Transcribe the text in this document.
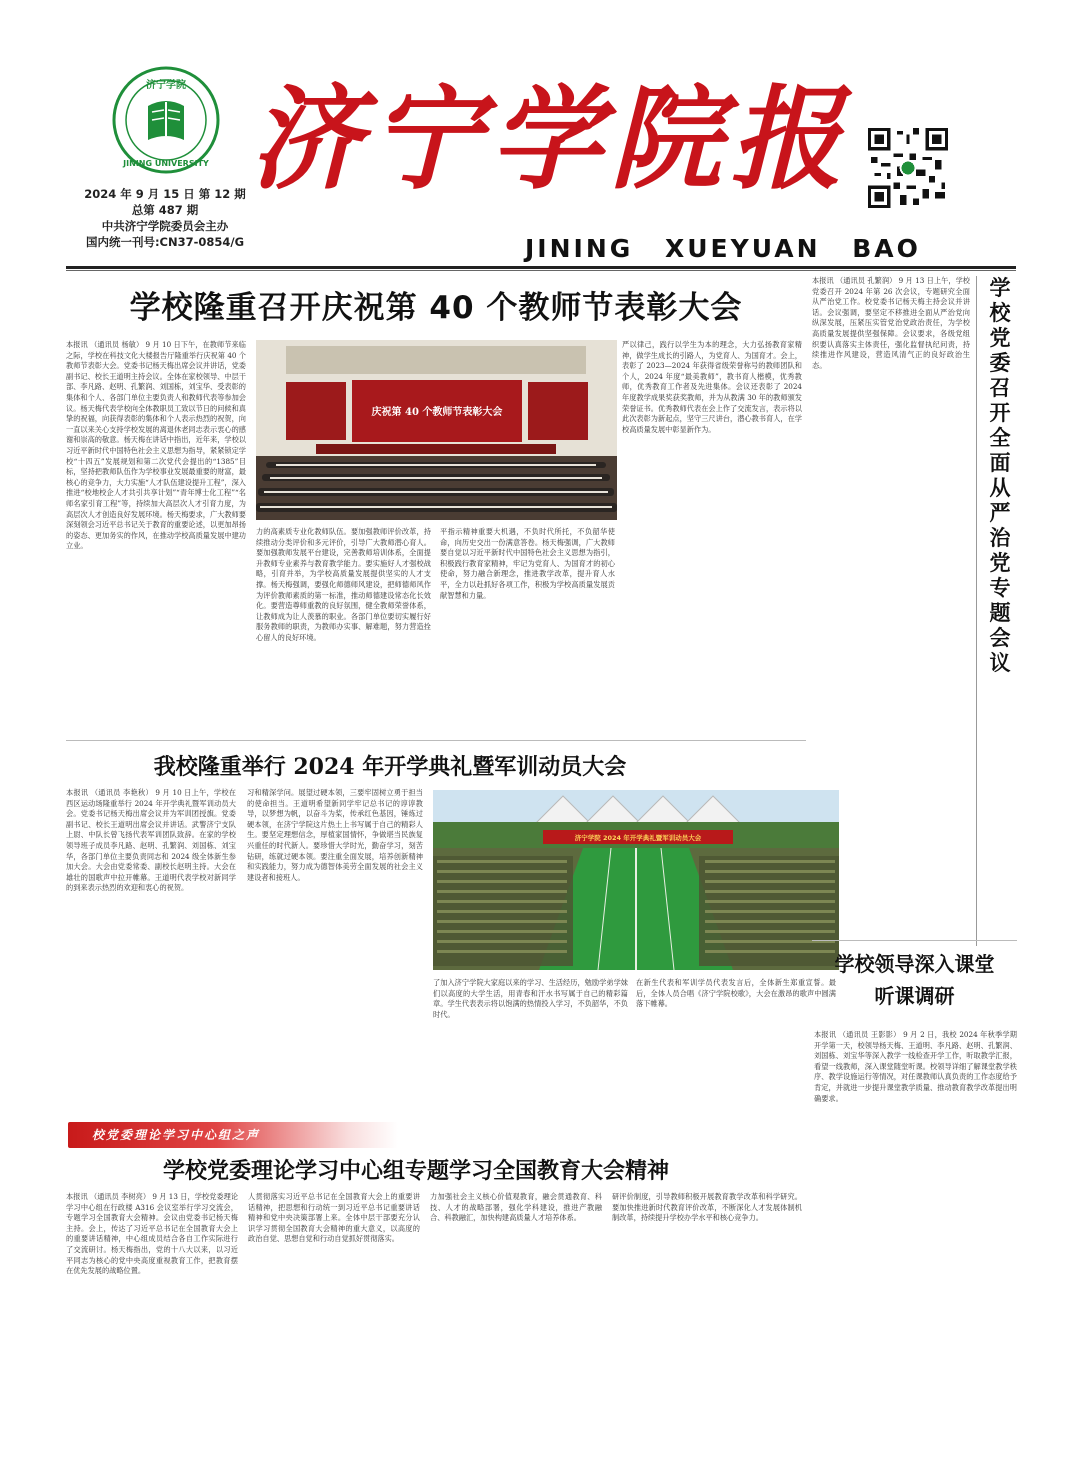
JINING UNIVERSITY
济宁学院
2024 年 9 月 15 日 第 12 期
总第 487 期
中共济宁学院委员会主办
国内统一刊号:CN37-0854/G
济宁学院报
JINING XUEYUAN BAO
学校隆重召开庆祝第 40 个教师节表彰大会
本报讯 （通讯员 杨敏） 9 月 10 日下午，在教师节来临之际，学校在科技文化大楼报告厅隆重举行庆祝第 40 个教师节表彰大会。党委书记杨天梅出席会议并讲话，党委副书记、校长王道明主持会议。全体在家校领导、中层干部、李凡路、赵明、孔繁润、刘国栋，刘宝华、受表彰的集体和个人、各部门单位主要负责人和教师代表等参加会议。杨天梅代表学校向全体教职员工致以节日的问候和真挚的祝福，向获得表彰的集体和个人表示热烈的祝贺，向一直以来关心支持学校发展的离退休老同志表示衷心的感谢和崇高的敬意。杨天梅在讲话中指出，近年来，学校以习近平新时代中国特色社会主义思想为指导，紧紧锁定学校“十四五”发展规划和第二次党代会提出的“1385”目标，坚持把教师队伍作为学校事业发展最重要的财富，最核心的竞争力，大力实施“人才队伍建设提升工程”，深入推进“校地校企人才共引共享计划”“青年博士化工程”“名师名家引育工程”等，持续加大高层次人才引育力度，为高层次人才创造良好发展环境。杨天梅要求，广大教师要深刻领会习近平总书记关于教育的重要论述，以更加昂扬的姿态、更加务实的作风，在推动学校高质量发展中建功立业。
庆祝第 40 个教师节表彰大会
力的高素质专业化教师队伍。要加强教师评价改革，持续推动分类评价和多元评价，引导广大教师潜心育人。要加强教师发展平台建设，完善教师培训体系，全面提升教师专业素养与教育教学能力。要实施好人才强校战略，引育并举，为学校高质量发展提供坚实的人才支撑。杨天梅强调，要强化师德师风建设，把师德师风作为评价教师素质的第一标准，推动师德建设常态化长效化。要营造尊师重教的良好氛围，健全教师荣誉体系，让教师成为让人羡慕的职业。各部门单位要切实履行好服务教师的职责，为教师办实事、解难题，努力营造拴心留人的良好环境。
平指示精神重要大机遇，不负时代所托，不负韶华使命，向历史交出一份满意答卷。杨天梅强调，广大教师要自觉以习近平新时代中国特色社会主义思想为指引，积极践行教育家精神，牢记为党育人、为国育才的初心使命，努力融合新理念，推进教学改革，提升育人水平，全力以赴抓好各项工作，积极为学校高质量发展贡献智慧和力量。
严以律己，践行以学生为本的理念，大力弘扬教育家精神，做学生成长的引路人，为党育人、为国育才。会上，表彰了 2023—2024 年获得省级荣誉称号的教师团队和个人，2024 年度“最美教师”，教书育人楷模，优秀教师，优秀教育工作者及先进集体。会议还表彰了 2024 年度教学成果奖获奖教师，并为从教满 30 年的教师颁发荣誉证书。优秀教师代表在会上作了交流发言，表示将以此次表彰为新起点，坚守三尺讲台，潜心教书育人，在学校高质量发展中彰显新作为。
我校隆重举行 2024 年开学典礼暨军训动员大会
本报讯 （通讯员 李艳秋） 9 月 10 日上午，学校在西区运动场隆重举行 2024 年开学典礼暨军训动员大会。党委书记杨天梅出席会议并为军训团授旗。党委副书记、校长王道明出席会议并讲话。武警济宁支队上尉、中队长曾飞扬代表军训团队致辞。在家的学校领导班子成员李凡路、赵明、孔繁润、刘国栋、刘宝华，各部门单位主要负责同志和 2024 级全体新生参加大会。大会由党委常委、副校长赵明主持。大会在雄壮的国歌声中拉开帷幕。王道明代表学校对新同学的到来表示热烈的欢迎和衷心的祝贺。
习和精深学问。展望过硬本领，三要牢固树立勇于担当的使命担当。王道明希望新同学牢记总书记的谆谆教导，以梦想为帆，以奋斗为桨，传承红色基因，锤炼过硬本领，在济宁学院这片热土上书写属于自己的精彩人生。要坚定理想信念，厚植家国情怀，争做堪当民族复兴重任的时代新人。要珍惜大学时光，勤奋学习，刻苦钻研，练就过硬本领。要注重全面发展，培养创新精神和实践能力，努力成为德智体美劳全面发展的社会主义建设者和接班人。
济宁学院 2024 年开学典礼暨军训动员大会
了加入济宁学院大家庭以来的学习、生活经历，勉励学弟学妹们以高度的大学生活，用青春和汗水书写属于自己的精彩篇章。学生代表表示将以饱满的热情投入学习，不负韶华，不负时代。
在新生代表和军训学员代表发言后，全体新生郑重宣誓。最后，全体人员合唱《济宁学院校歌》，大会在激昂的歌声中圆满落下帷幕。
本报讯 （通讯员 孔繁润） 9 月 13 日上午，学校党委召开 2024 年第 26 次会议，专题研究全面从严治党工作。校党委书记杨天梅主持会议并讲话。会议强调，要坚定不移推进全面从严治党向纵深发展，压紧压实管党治党政治责任，为学校高质量发展提供坚强保障。会议要求，各级党组织要认真落实主体责任，强化监督执纪问责，持续推进作风建设，营造风清气正的良好政治生态。
学校党委召开全面从严治党专题会议
学校领导深入课堂
听课调研
本报讯 （通讯员 王影影） 9 月 2 日，我校 2024 年秋季学期开学第一天，校领导杨天梅、王道明、李凡路、赵明、孔繁润、刘国栋、刘宝华等深入教学一线检查开学工作，听取教学汇报，看望一线教师，深入课堂随堂听课。校领导详细了解课堂教学秩序、教学设施运行等情况，对任课教师认真负责的工作态度给予肯定，并就进一步提升课堂教学质量、推动教育教学改革提出明确要求。
校党委理论学习中心组之声
学校党委理论学习中心组专题学习全国教育大会精神
本报讯 （通讯员 李树亮） 9 月 13 日，学校党委理论学习中心组在行政楼 A316 会议室举行学习交流会，专题学习全国教育大会精神。会议由党委书记杨天梅主持。会上，传达了习近平总书记在全国教育大会上的重要讲话精神，中心组成员结合各自工作实际进行了交流研讨。杨天梅指出，党的十八大以来，以习近平同志为核心的党中央高度重视教育工作，把教育摆在优先发展的战略位置。
人贯彻落实习近平总书记在全国教育大会上的重要讲话精神，把思想和行动统一到习近平总书记重要讲话精神和党中央决策部署上来。全体中层干部要充分认识学习贯彻全国教育大会精神的重大意义，以高度的政治自觉、思想自觉和行动自觉抓好贯彻落实。
力加强社会主义核心价值观教育，融会贯通教育、科技、人才的战略部署，强化学科建设，推进产教融合、科教融汇，加快构建高质量人才培养体系。
研评价制度，引导教师积极开展教育教学改革和科学研究。要加快推进新时代教育评价改革，不断深化人才发展体制机制改革，持续提升学校办学水平和核心竞争力。
